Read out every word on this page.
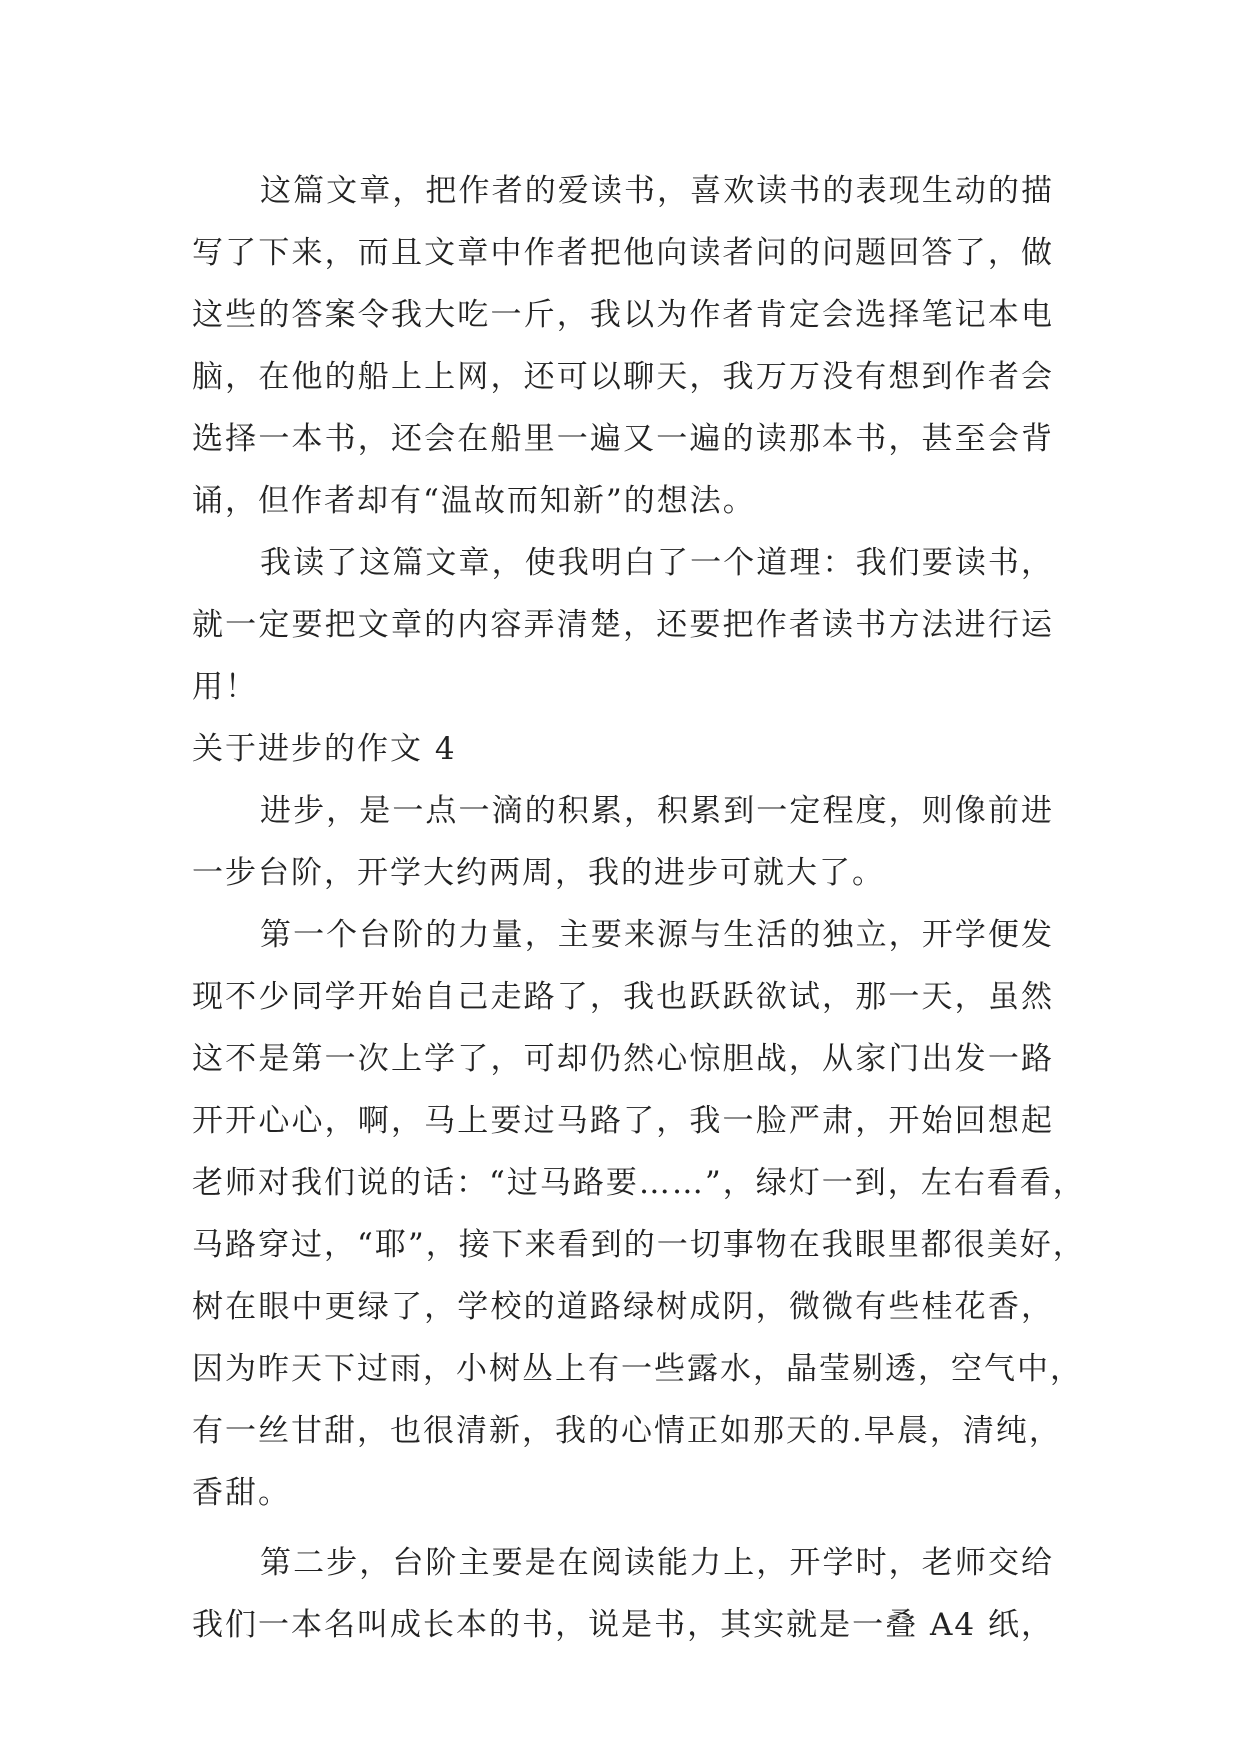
这篇文章，把作者的爱读书，喜欢读书的表现生动的描
写了下来，而且文章中作者把他向读者问的问题回答了，做
这些的答案令我大吃一斤，我以为作者肯定会选择笔记本电
脑，在他的船上上网，还可以聊天，我万万没有想到作者会
选择一本书，还会在船里一遍又一遍的读那本书，甚至会背
诵，但作者却有“温故而知新”的想法。
我读了这篇文章，使我明白了一个道理：我们要读书，
就一定要把文章的内容弄清楚，还要把作者读书方法进行运
用！
关于进步的作文 4
进步，是一点一滴的积累，积累到一定程度，则像前进
一步台阶，开学大约两周，我的进步可就大了。
第一个台阶的力量，主要来源与生活的独立，开学便发
现不少同学开始自己走路了，我也跃跃欲试，那一天，虽然
这不是第一次上学了，可却仍然心惊胆战，从家门出发一路
开开心心，啊，马上要过马路了，我一脸严肃，开始回想起
老师对我们说的话：“过马路要……”，绿灯一到，左右看看，
马路穿过，“耶”，接下来看到的一切事物在我眼里都很美好，
树在眼中更绿了，学校的道路绿树成阴，微微有些桂花香，
因为昨天下过雨，小树丛上有一些露水，晶莹剔透，空气中，
有一丝甘甜，也很清新，我的心情正如那天的.早晨，清纯，
香甜。
第二步，台阶主要是在阅读能力上，开学时，老师交给
我们一本名叫成长本的书，说是书，其实就是一叠 A4 纸，
